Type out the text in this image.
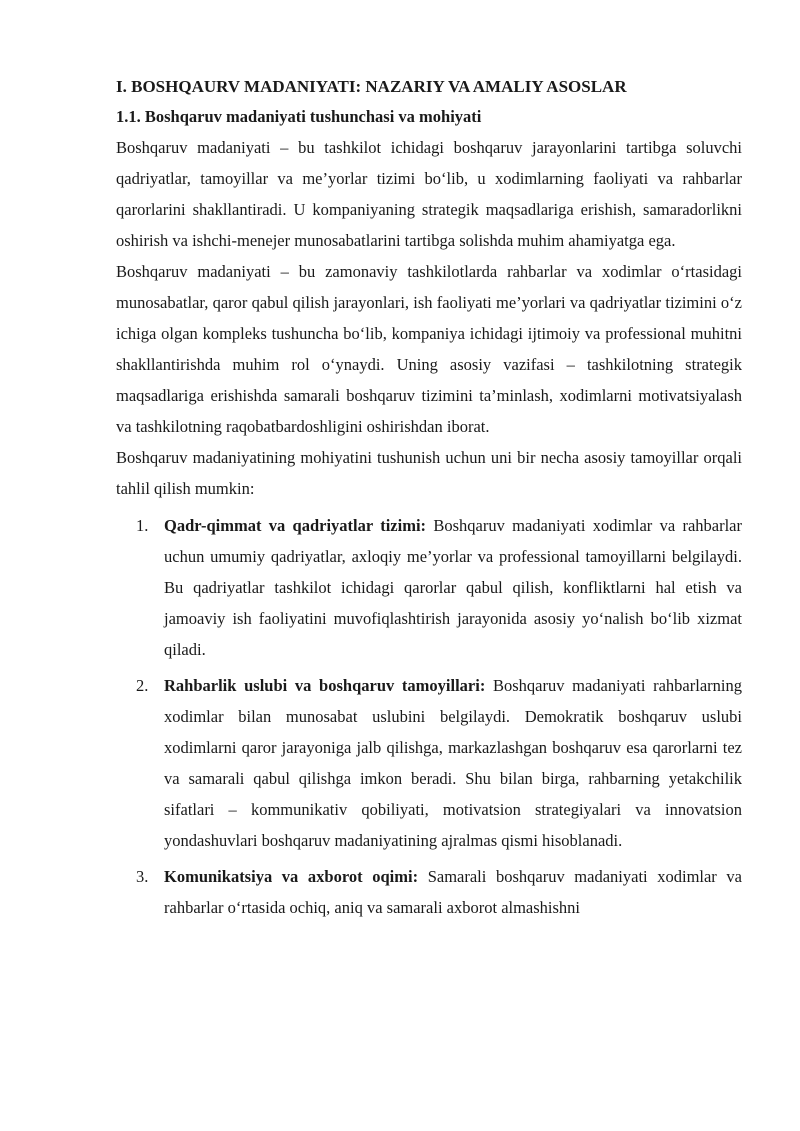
I. BOSHQAURV MADANIYATI: NAZARIY VA AMALIY ASOSLAR
1.1. Boshqaruv madaniyati tushunchasi va mohiyati

Boshqaruv madaniyati – bu tashkilot ichidagi boshqaruv jarayonlarini tartibga soluvchi qadriyatlar, tamoyillar va me’yorlar tizimi bo‘lib, u xodimlarning faoliyati va rahbarlar qarorlarini shakllantiradi. U kompaniyaning strategik maqsadlariga erishish, samaradorlikni oshirish va ishchi-menejer munosabatlarini tartibga solishda muhim ahamiyatga ega.

Boshqaruv madaniyati – bu zamonaviy tashkilotlarda rahbarlar va xodimlar o‘rtasidagi munosabatlar, qaror qabul qilish jarayonlari, ish faoliyati me’yorlari va qadriyatlar tizimini o‘z ichiga olgan kompleks tushuncha bo‘lib, kompaniya ichidagi ijtimoiy va professional muhitni shakllantirishda muhim rol o‘ynaydi. Uning asosiy vazifasi – tashkilotning strategik maqsadlariga erishishda samarali boshqaruv tizimini ta’minlash, xodimlarni motivatsiyalash va tashkilotning raqobatbardoshligini oshirishdan iborat.

Boshqaruv madaniyatining mohiyatini tushunish uchun uni bir necha asosiy tamoyillar orqali tahlil qilish mumkin:

1. Qadr-qimmat va qadriyatlar tizimi: Boshqaruv madaniyati xodimlar va rahbarlar uchun umumiy qadriyatlar, axloqiy me’yorlar va professional tamoyillarni belgilaydi. Bu qadriyatlar tashkilot ichidagi qarorlar qabul qilish, konfliktlarni hal etish va jamoaviy ish faoliyatini muvofiqlashtirish jarayonida asosiy yo‘nalish bo‘lib xizmat qiladi.
2. Rahbarlik uslubi va boshqaruv tamoyillari: Boshqaruv madaniyati rahbarlarning xodimlar bilan munosabat uslubini belgilaydi. Demokratik boshqaruv uslubi xodimlarni qaror jarayoniga jalb qilishga, markazlashgan boshqaruv esa qarorlarni tez va samarali qabul qilishga imkon beradi. Shu bilan birga, rahbarning yetakchilik sifatlari – kommunikativ qobiliyati, motivatsion strategiyalari va innovatsion yondashuvlari boshqaruv madaniyatining ajralmas qismi hisoblanadi.
3. Komunikatsiya va axborot oqimi: Samarali boshqaruv madaniyati xodimlar va rahbarlar o‘rtasida ochiq, aniq va samarali axborot almashishni
